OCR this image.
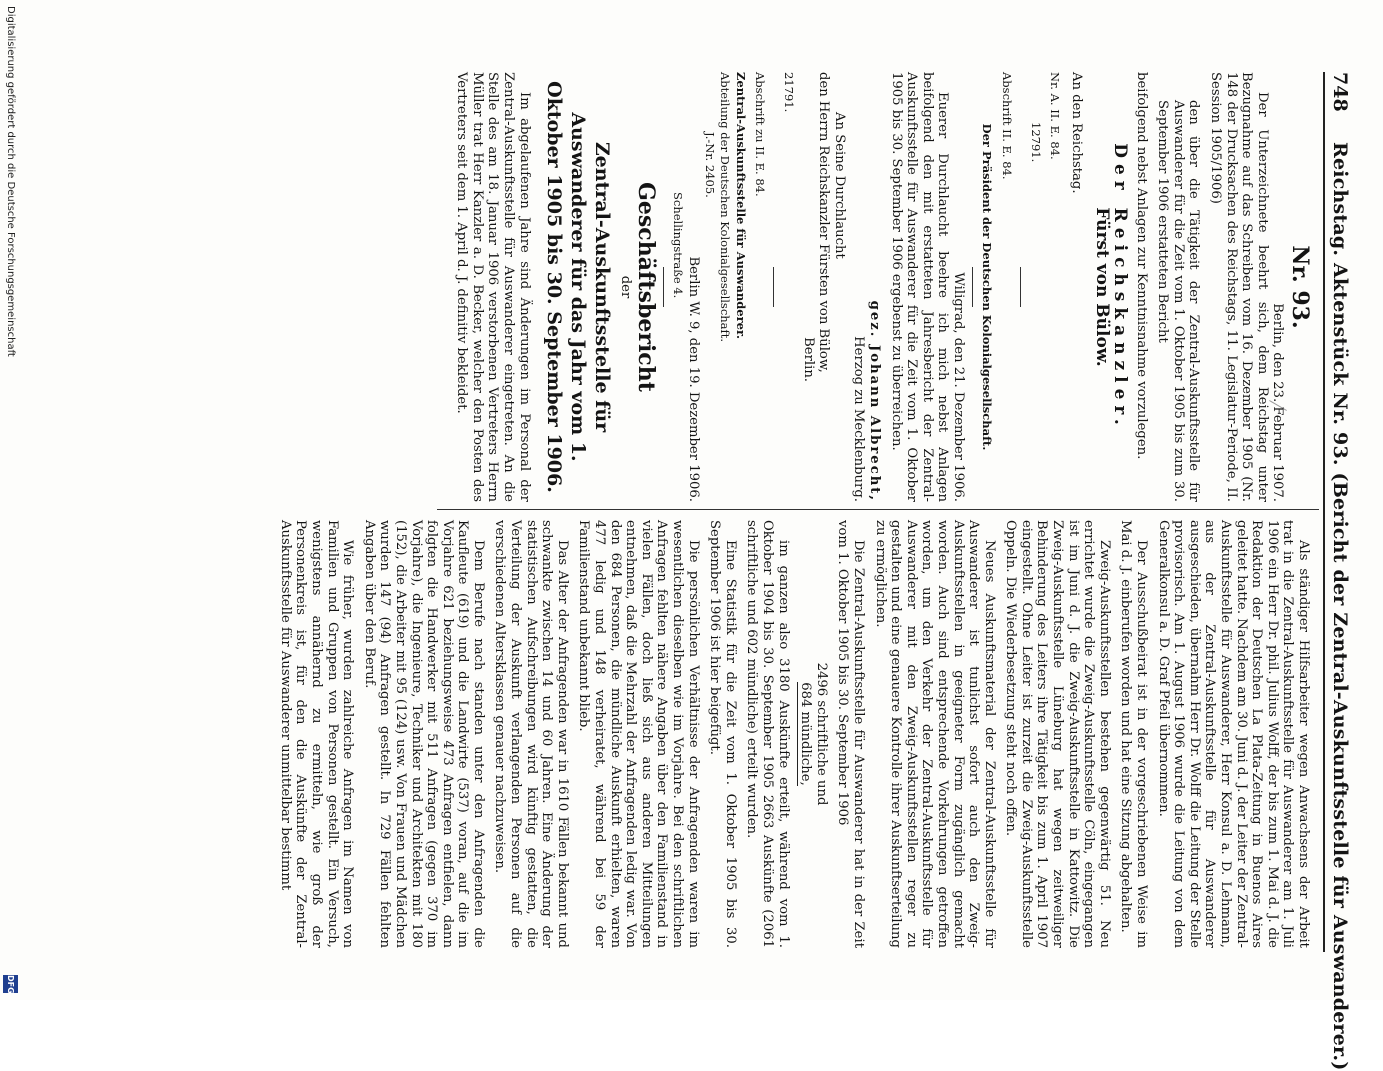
748
Reichstag. Aktenstück Nr. 93. (Bericht der Zentral-Auskunftsstelle für Auswanderer.)
Nr. 93.
Berlin, den 23. Februar 1907.

Der Unterzeichnete beehrt sich, dem Reichstag unter Bezugnahme auf das Schreiben vom 16. Dezember 1905 (Nr. 148 der Drucksachen des Reichstags, 11. Legislatur-Periode, II. Session 1905/1906)

den über die Tätigkeit der Zentral-Auskunftsstelle für Auswanderer für die Zeit vom 1. Oktober 1905 bis zum 30. September 1906 erstatteten Bericht

beifolgend nebst Anlagen zur Kenntnisnahme vorzulegen.

Der Reichskanzler.
Fürst von Bülow.
An den Reichstag.
Nr. A. II. E. 84.
12791.
Abschrift II. E. 84.
Der Präsident der Deutschen Kolonialgesellschaft.
Wiligrad, den 21. Dezember 1906.

Euerer Durchlaucht beehre ich mich nebst Anlagen beifolgend den mit erstatteten Jahresbericht der Zentral-Auskunftsstelle für Auswanderer für die Zeit vom 1. Oktober 1905 bis 30. September 1906 ergebenst zu überreichen.

gez. Johann Albrecht,
Herzog zu Mecklenburg.
An Seine Durchlaucht
den Herrn Reichskanzler Fürsten von Bülow,
Berlin.
21791.
Abschrift zu II. E. 84.
Zentral-Auskunftsstelle für Auswanderer.
Abteilung der Deutschen Kolonialgesellschaft.
J.-Nr. 2405.
Berlin W. 9, den 19. Dezember 1906.
Schellingstraße 4.
Geschäftsbericht
der
Zentral-Auskunftsstelle für Auswanderer für das Jahr vom 1. Oktober 1905 bis 30. September 1906.

Im abgelaufenen Jahre sind Änderungen im Personal der Zentral-Auskunftsstelle für Auswanderer eingetreten. An die Stelle des am 18. Januar 1906 verstorbenen Vertreters Herrn Müller trat Herr Kanzler a. D. Becker, welcher den Posten des Vertreters seit dem 1. April d. J. definitiv bekleidet.

Als ständiger Hilfsarbeiter wegen Anwachsens der Arbeit trat in die Zentral-Auskunftsstelle für Auswanderer am 1. Juli 1906 ein Herr Dr. phil. Julius Wolff, der bis zum 1. Mai d. J. die Redaktion der Deutschen La Plata-Zeitung in Buenos Aires geleitet hatte. Nachdem am 30. Juni d. J. der Leiter der Zentral-Auskunftsstelle für Auswanderer, Herr Konsul a. D. Lehmann, aus der Zentral-Auskunftsstelle für Auswanderer ausgeschieden, übernahm Herr Dr. Wolff die Leitung der Stelle provisorisch. Am 1. August 1906 wurde die Leitung von dem Generalkonsul a. D. Graf Pfeil übernommen.

Der Ausschußbeirat ist in der vorgeschriebenen Weise im Mai d. J. einberufen worden und hat eine Sitzung abgehalten.

Zweig-Auskunftsstellen bestehen gegenwärtig 51. Neu errichtet wurde die Zweig-Auskunftsstelle Cöln, eingegangen ist im Juni d. J. die Zweig-Auskunftsstelle in Kattowitz. Die Zweig-Auskunftsstelle Lüneburg hat wegen zeitweiliger Behinderung des Leiters ihre Tätigkeit bis zum 1. April 1907 eingestellt. Ohne Leiter ist zurzeit die Zweig-Auskunftsstelle Oppeln. Die Wiederbesetzung steht noch offen.

Neues Auskunftsmaterial der Zentral-Auskunftsstelle für Auswanderer ist tunlichst sofort auch den Zweig-Auskunftsstellen in geeigneter Form zugänglich gemacht worden. Auch sind entsprechende Vorkehrungen getroffen worden, um den Verkehr der Zentral-Auskunftsstelle für Auswanderer mit den Zweig-Auskunftsstellen reger zu gestalten und eine genauere Kontrolle ihrer Auskunftserteilung zu ermöglichen.

Die Zentral-Auskunftsstelle für Auswanderer hat in der Zeit vom 1. Oktober 1905 bis 30. September 1906

2496 schriftliche und
684 mündliche,

im ganzen also 3180 Auskünfte erteilt, während vom 1. Oktober 1904 bis 30. September 1905 2663 Auskünfte (2061 schriftliche und 602 mündliche) erteilt wurden.

Eine Statistik für die Zeit vom 1. Oktober 1905 bis 30. September 1906 ist hier beigefügt.

Die persönlichen Verhältnisse der Anfragenden waren im wesentlichen dieselben wie im Vorjahre. Bei den schriftlichen Anfragen fehlten nähere Angaben über den Familienstand in vielen Fällen, doch ließ sich aus anderen Mitteilungen entnehmen, daß die Mehrzahl der Anfragenden ledig war. Von den 684 Personen, die mündliche Auskunft erhielten, waren 477 ledig und 148 verheiratet, während bei 59 der Familienstand unbekannt blieb.

Das Alter der Anfragenden war in 1610 Fällen bekannt und schwankte zwischen 14 und 60 Jahren. Eine Änderung der statistischen Aufschreibungen wird künftig gestatten, die Verteilung der Auskunft verlangenden Personen auf die verschiedenen Altersklassen genauer nachzuweisen.

Dem Berufe nach standen unter den Anfragenden die Kaufleute (619) und die Landwirte (537) voran, auf die im Vorjahre 621 beziehungsweise 473 Anfragen entfielen, dann folgten die Handwerker mit 511 Anfragen (gegen 370 im Vorjahre), die Ingenieure, Techniker und Architekten mit 180 (152), die Arbeiter mit 95 (124) usw. Von Frauen und Mädchen wurden 147 (94) Anfragen gestellt. In 729 Fällen fehlten Angaben über den Beruf.

Wie früher, wurden zahlreiche Anfragen im Namen von Familien und Gruppen von Personen gestellt. Ein Versuch, wenigstens annähernd zu ermitteln, wie groß der Personenkreis ist, für den die Auskünfte der Zentral-Auskunftsstelle für Auswanderer unmittelbar bestimmt

Digitalisierung gefördert durch die Deutsche Forschungsgemeinschaft
DFG
